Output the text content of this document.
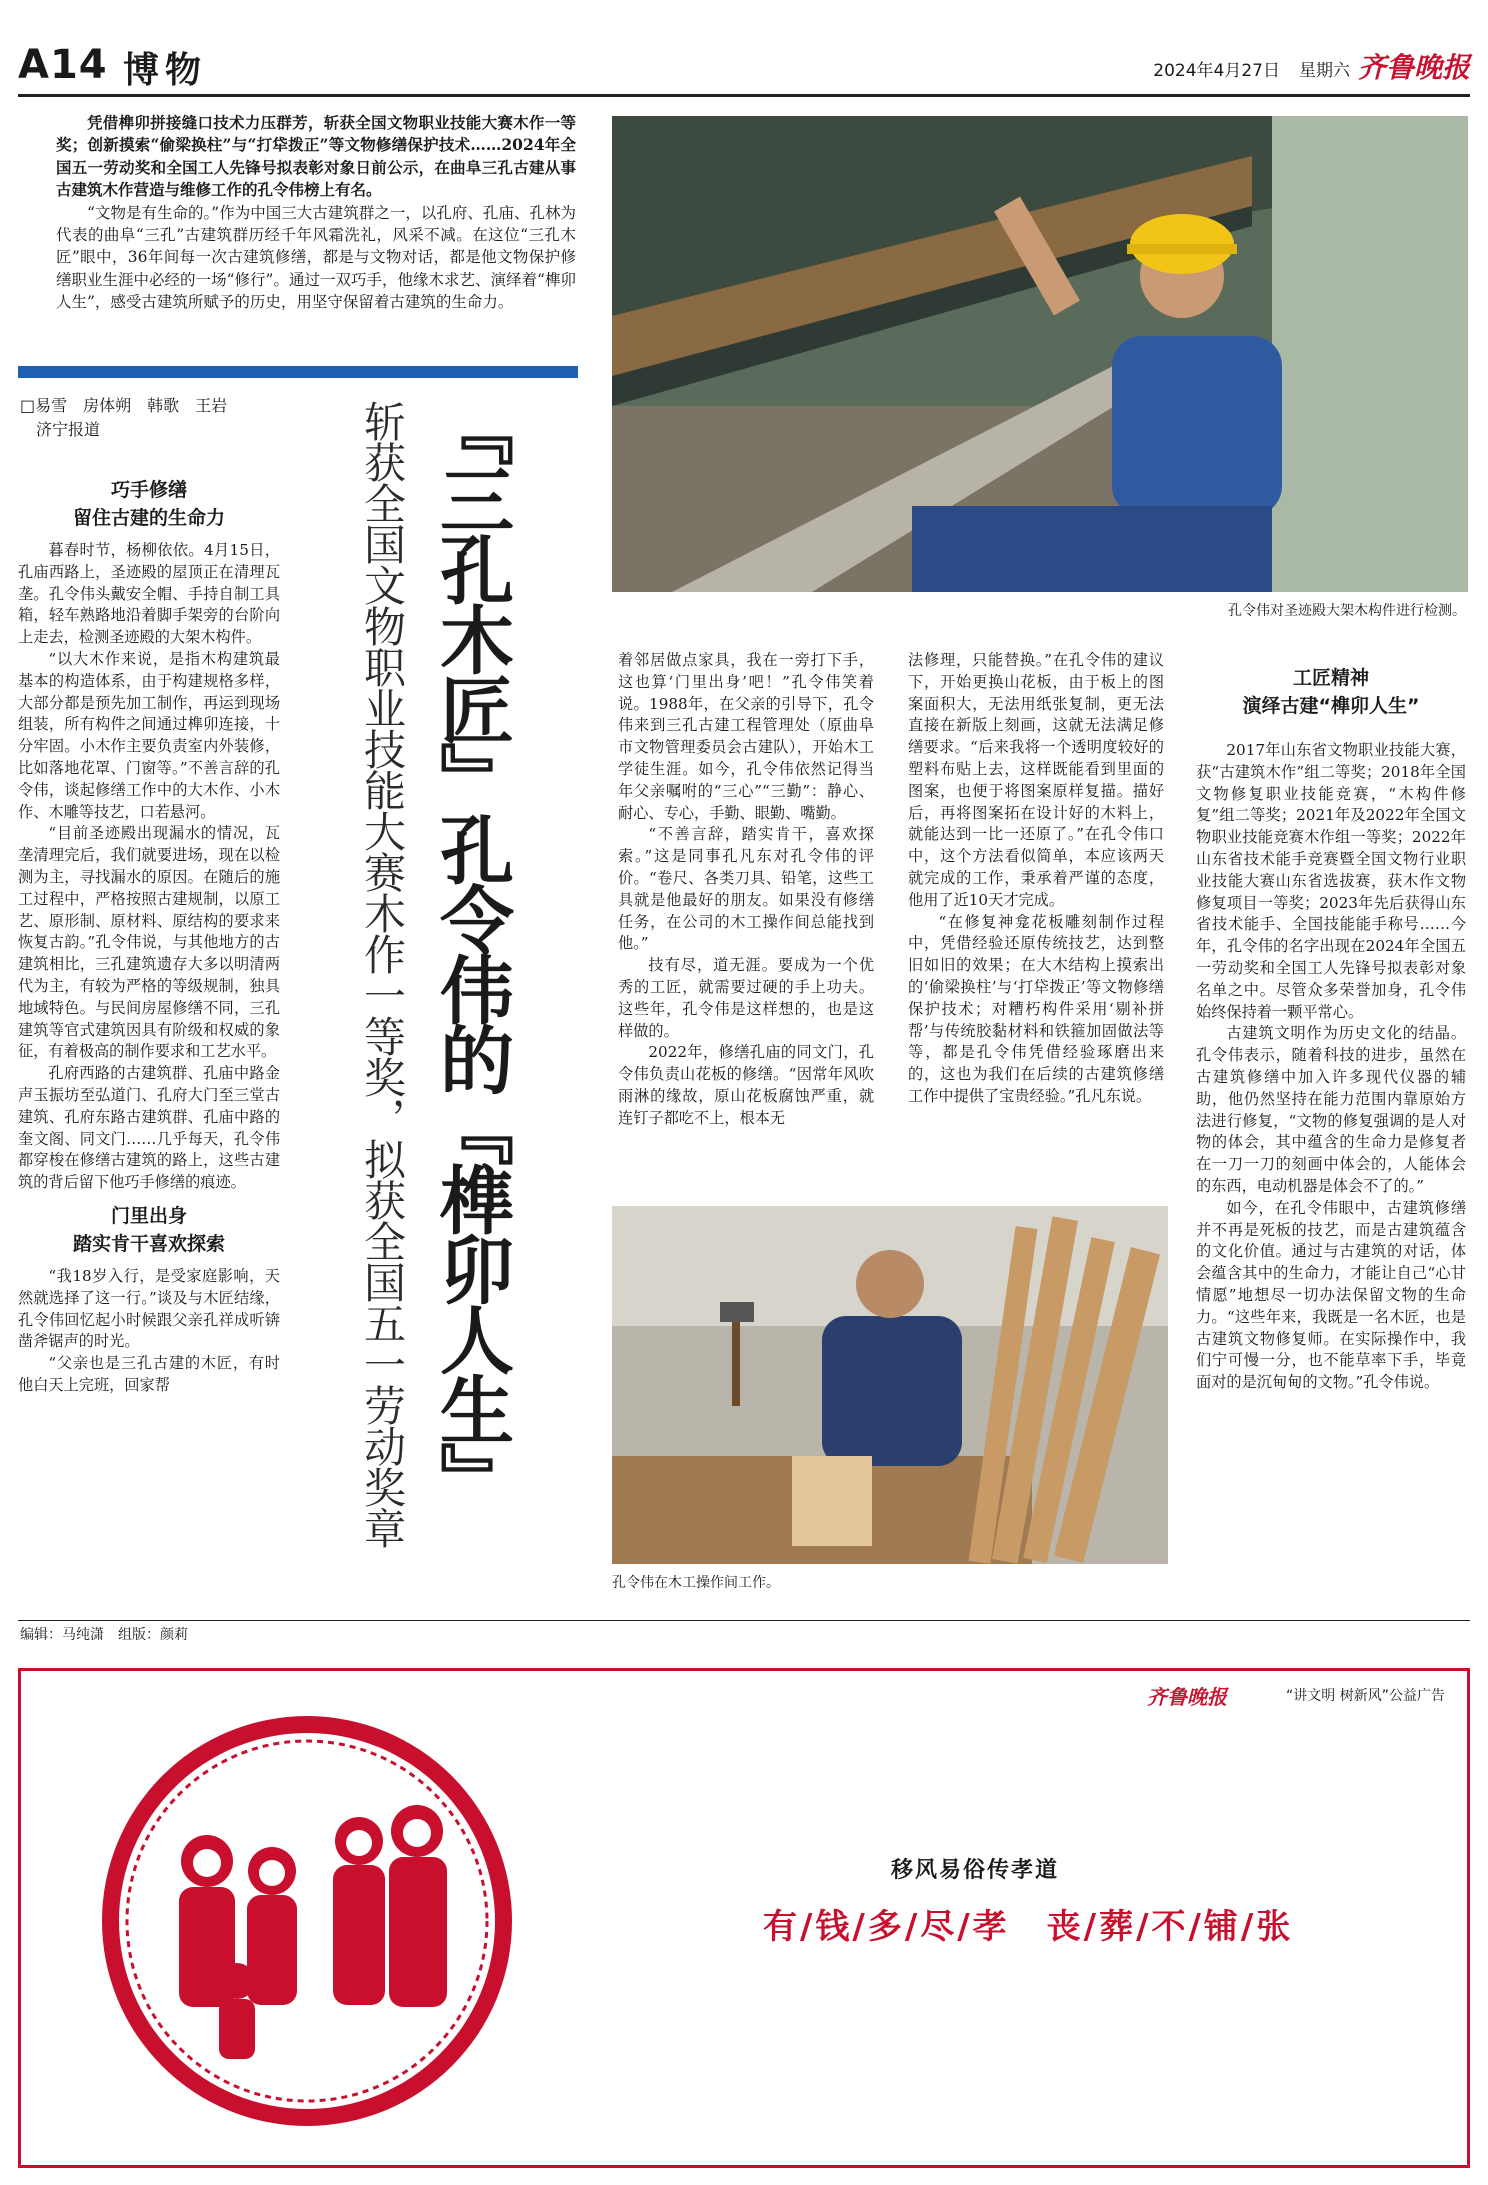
A14 博物	2024年4月27日 星期六 齐鲁晚报

凭借榫卯拼接缝口技术力压群芳，斩获全国文物职业技能大赛木作一等奖；创新摸索“偷梁换柱”与“打牮拨正”等文物修缮保护技术……2024年全国五一劳动奖和全国工人先锋号拟表彰对象日前公示，在曲阜三孔古建从事古建筑木作营造与维修工作的孔令伟榜上有名。

“文物是有生命的。”作为中国三大古建筑群之一，以孔府、孔庙、孔林为代表的曲阜“三孔”古建筑群历经千年风霜洗礼，风采不减。在这位“三孔木匠”眼中，36年间每一次古建筑修缮，都是与文物对话，都是他文物保护修缮职业生涯中必经的一场“修行”。通过一双巧手，他缘木求艺、演绎着“榫卯人生”，感受古建筑所赋予的历史，用坚守保留着古建筑的生命力。

□易雪　房体朔　韩歌　王岩
济宁报道	『三孔木匠』孔令伟的『榫卯人生』
斩获全国文物职业技能大赛木作一等奖，拟获全国五一劳动奖章
巧手修缮
留住古建的生命力

暮春时节，杨柳依依。4月15日，孔庙西路上，圣迹殿的屋顶正在清理瓦垄。孔令伟头戴安全帽、手持自制工具箱，轻车熟路地沿着脚手架旁的台阶向上走去，检测圣迹殿的大架木构件。

“以大木作来说，是指木构建筑最基本的构造体系，由于构建规格多样，大部分都是预先加工制作，再运到现场组装，所有构件之间通过榫卯连接，十分牢固。小木作主要负责室内外装修，比如落地花罩、门窗等。”不善言辞的孔令伟，谈起修缮工作中的大木作、小木作、木雕等技艺，口若悬河。

“目前圣迹殿出现漏水的情况，瓦垄清理完后，我们就要进场，现在以检测为主，寻找漏水的原因。在随后的施工过程中，严格按照古建规制，以原工艺、原形制、原材料、原结构的要求来恢复古韵。”孔令伟说，与其他地方的古建筑相比，三孔建筑遗存大多以明清两代为主，有较为严格的等级规制，独具地域特色。与民间房屋修缮不同，三孔建筑等官式建筑因具有阶级和权威的象征，有着极高的制作要求和工艺水平。

孔府西路的古建筑群、孔庙中路金声玉振坊至弘道门、孔府大门至三堂古建筑、孔府东路古建筑群、孔庙中路的奎文阁、同文门……几乎每天，孔令伟都穿梭在修缮古建筑的路上，这些古建筑的背后留下他巧手修缮的痕迹。

门里出身
踏实肯干喜欢探索

“我18岁入行，是受家庭影响，天然就选择了这一行。”谈及与木匠结缘，孔令伟回忆起小时候跟父亲孔祥成听锛凿斧锯声的时光。

“父亲也是三孔古建的木匠，有时他白天上完班，回家帮

孔令伟对圣迹殿大架木构件进行检测。

着邻居做点家具，我在一旁打下手，这也算‘门里出身’吧！”孔令伟笑着说。1988年，在父亲的引导下，孔令伟来到三孔古建工程管理处（原曲阜市文物管理委员会古建队），开始木工学徒生涯。如今，孔令伟依然记得当年父亲嘱咐的“三心”“三勤”：静心、耐心、专心，手勤、眼勤、嘴勤。

“不善言辞，踏实肯干，喜欢探索。”这是同事孔凡东对孔令伟的评价。“卷尺、各类刀具、铅笔，这些工具就是他最好的朋友。如果没有修缮任务，在公司的木工操作间总能找到他。”

技有尽，道无涯。要成为一个优秀的工匠，就需要过硬的手上功夫。这些年，孔令伟是这样想的，也是这样做的。

2022年，修缮孔庙的同文门，孔令伟负责山花板的修缮。“因常年风吹雨淋的缘故，原山花板腐蚀严重，就连钉子都吃不上，根本无

法修理，只能替换。”在孔令伟的建议下，开始更换山花板，由于板上的图案面积大，无法用纸张复制，更无法直接在新版上刻画，这就无法满足修缮要求。“后来我将一个透明度较好的塑料布贴上去，这样既能看到里面的图案，也便于将图案原样复描。描好后，再将图案拓在设计好的木料上，就能达到一比一还原了。”在孔令伟口中，这个方法看似简单，本应该两天就完成的工作，秉承着严谨的态度，他用了近10天才完成。

“在修复神龛花板雕刻制作过程中，凭借经验还原传统技艺，达到整旧如旧的效果；在大木结构上摸索出的‘偷梁换柱’与‘打牮拨正’等文物修缮保护技术；对糟朽构件采用‘剔补拼帮’与传统胶黏材料和铁箍加固做法等等，都是孔令伟凭借经验琢磨出来的，这也为我们在后续的古建筑修缮工作中提供了宝贵经验。”孔凡东说。

工匠精神
演绎古建“榫卯人生”

2017年山东省文物职业技能大赛，获“古建筑木作”组二等奖；2018年全国文物修复职业技能竞赛，“木构件修复”组二等奖；2021年及2022年全国文物职业技能竞赛木作组一等奖；2022年山东省技术能手竞赛暨全国文物行业职业技能大赛山东省选拔赛，获木作文物修复项目一等奖；2023年先后获得山东省技术能手、全国技能能手称号……今年，孔令伟的名字出现在2024年全国五一劳动奖和全国工人先锋号拟表彰对象名单之中。尽管众多荣誉加身，孔令伟始终保持着一颗平常心。

古建筑文明作为历史文化的结晶。孔令伟表示，随着科技的进步，虽然在古建筑修缮中加入许多现代仪器的辅助，他仍然坚持在能力范围内靠原始方法进行修复，“文物的修复强调的是人对物的体会，其中蕴含的生命力是修复者在一刀一刀的刻画中体会的，人能体会的东西，电动机器是体会不了的。”

如今，在孔令伟眼中，古建筑修缮并不再是死板的技艺，而是古建筑蕴含的文化价值。通过与古建筑的对话，体会蕴含其中的生命力，才能让自己“心甘情愿”地想尽一切办法保留文物的生命力。“这些年来，我既是一名木匠，也是古建筑文物修复师。在实际操作中，我们宁可慢一分，也不能草率下手，毕竟面对的是沉甸甸的文物。”孔令伟说。

孔令伟在木工操作间工作。
编辑：马纯潇　组版：颜莉
齐鲁晚报	“讲文明 树新风”公益广告
移风易俗传孝道
有/钱/多/尽/孝　丧/葬/不/铺/张
